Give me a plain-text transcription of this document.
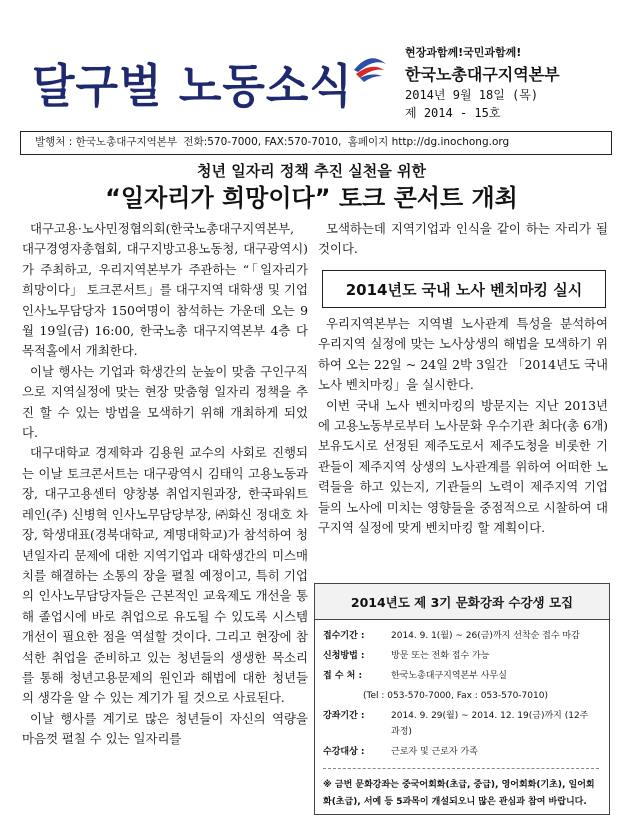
달구벌 노동소식
현장과함께!국민과함께!
한국노총대구지역본부
2014년 9월 18일 (목)
제 2014 - 15호
발행처 : 한국노총대구지역본부 전화:570-7000, FAX:570-7010, 홈페이지 http://dg.inochong.org
청년 일자리 정책 추진 실천을 위한
“일자리가 희망이다” 토크 콘서트 개최

대구고용·노사민정협의회(한국노총대구지역본부, 대구경영자총협회, 대구지방고용노동청, 대구광역시)가 주최하고, 우리지역본부가 주관하는 “「일자리가 희망이다」 토크콘서트」를 대구지역 대학생 및 기업 인사노무담당자 150여명이 참석하는 가운데 오는 9월 19일(금) 16:00, 한국노총 대구지역본부 4층 다목적홀에서 개최한다.

이날 행사는 기업과 학생간의 눈높이 맞춤 구인구직으로 지역실정에 맞는 현장 맞춤형 일자리 정책을 추진 할 수 있는 방법을 모색하기 위해 개최하게 되었다.

대구대학교 경제학과 김용원 교수의 사회로 진행되는 이날 토크콘서트는 대구광역시 김태익 고용노동과장, 대구고용센터 양창봉 취업지원과장, 한국파워트레인(주) 신병혁 인사노무담당부장, ㈜화신 정대호 차장, 학생대표(경북대학교, 계명대학교)가 참석하여 청년일자리 문제에 대한 지역기업과 대학생간의 미스매치를 해결하는 소통의 장을 펼칠 예정이고, 특히 기업의 인사노무담당자들은 근본적인 교육제도 개선을 통해 졸업시에 바로 취업으로 유도될 수 있도록 시스템 개선이 필요한 점을 역설할 것이다. 그리고 현장에 참석한 취업을 준비하고 있는 청년들의 생생한 목소리를 통해 청년고용문제의 원인과 해법에 대한 청년들의 생각을 알 수 있는 계기가 될 것으로 사료된다.

이날 행사를 계기로 많은 청년들이 자신의 역량을 마음껏 펼칠 수 있는 일자리를

모색하는데 지역기업과 인식을 같이 하는 자리가 될 것이다.

2014년도 국내 노사 벤치마킹 실시

우리지역본부는 지역별 노사관계 특성을 분석하여 우리지역 실정에 맞는 노사상생의 해법을 모색하기 위하여 오는 22일 ~ 24일 2박 3일간 「2014년도 국내 노사 벤치마킹」을 실시한다.

이번 국내 노사 벤치마킹의 방문지는 지난 2013년에 고용노동부로부터 노사문화 우수기관 최다(총 6개) 보유도시로 선정된 제주도로서 제주도청을 비롯한 기관들이 제주지역 상생의 노사관계를 위하여 어떠한 노력들을 하고 있는지, 기관들의 노력이 제주지역 기업들의 노사에 미치는 영향들을 중점적으로 시찰하여 대구지역 실정에 맞게 벤치마킹 할 계획이다.

2014년도 제 3기 문화강좌 수강생 모집
접수기간 :	2014. 9. 1(월) ~ 26(금)까지 선착순 접수 마감
신청방법 :	방문 또는 전화 접수 가능
접 수 처 :	한국노총대구지역본부 사무실
(Tel : 053-570-7000, Fax : 053-570-7010)
강좌기간 :	2014. 9. 29(월) ~ 2014. 12. 19(금)까지 (12주 과정)
수강대상 :	근로자 및 근로자 가족
※ 금번 문화강좌는 중국어회화(초급, 중급), 영어회화(기초), 일어회화(초급), 서예 등 5과목이 개설되오니 많은 관심과 참여 바랍니다.
